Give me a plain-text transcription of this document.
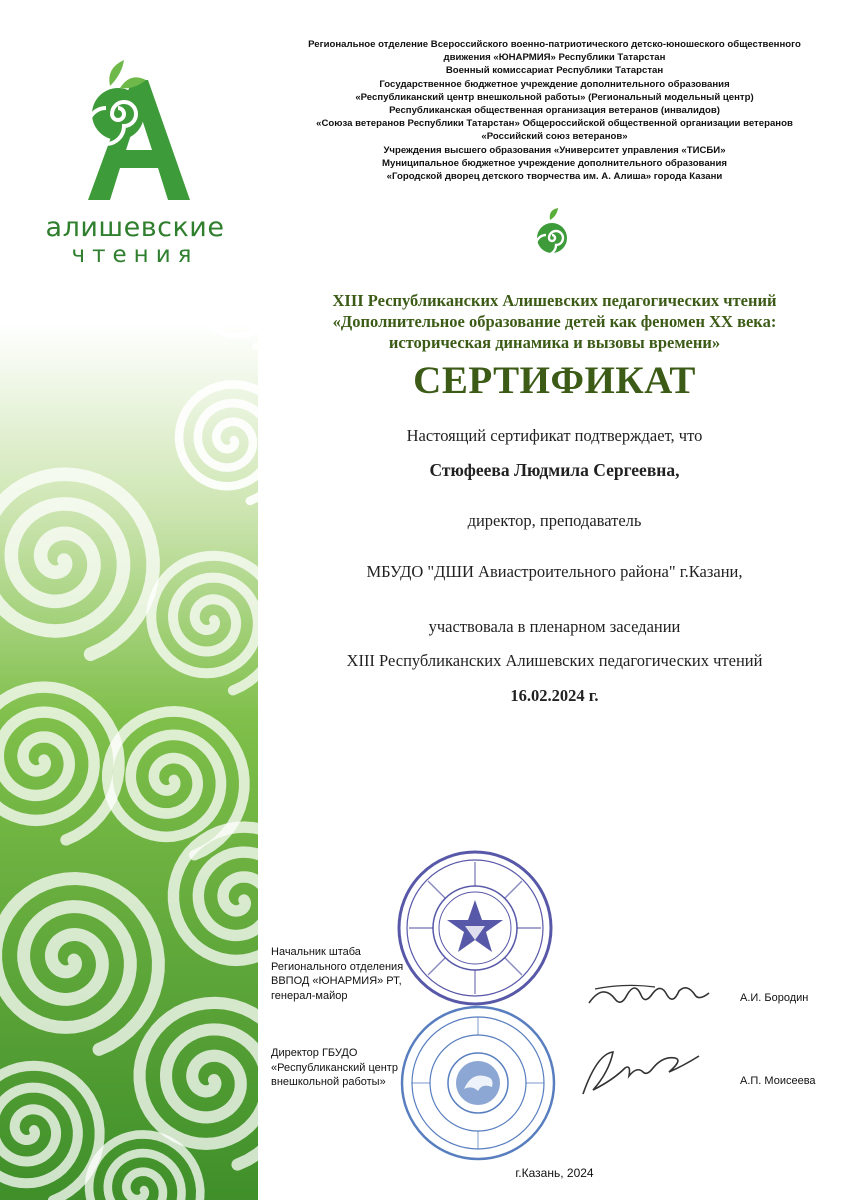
алишевские
чтения
Региональное отделение Всероссийского военно-патриотического детско-юношеского общественного
движения «ЮНАРМИЯ» Республики Татарстан
Военный комиссариат Республики Татарстан
Государственное бюджетное учреждение дополнительного образования
«Республиканский центр внешкольной работы» (Региональный модельный центр)
Республиканская общественная организация ветеранов (инвалидов)
«Союза ветеранов Республики Татарстан» Общероссийской общественной организации ветеранов
«Российский союз ветеранов»
Учреждения высшего образования «Университет управления «ТИСБИ»
Муниципальное бюджетное учреждение дополнительного образования
«Городской дворец детского творчества им. А. Алиша» города Казани
XIII Республиканских Алишевских педагогических чтений
«Дополнительное образование детей как феномен XX века:
историческая динамика и вызовы времени»
СЕРТИФИКАТ
Настоящий сертификат подтверждает, что
Стюфеева Людмила Сергеевна,
директор, преподаватель
МБУДО "ДШИ Авиастроительного района" г.Казани,
участвовала в пленарном заседании
XIII Республиканских Алишевских педагогических чтений
16.02.2024 г.
Начальник штаба
Регионального отделения
ВВПОД «ЮНАРМИЯ» РТ,
генерал-майор	А.И. Бородин
Директор ГБУДО
«Республиканский центр
внешкольной работы»	А.П. Моисеева
г.Казань, 2024
